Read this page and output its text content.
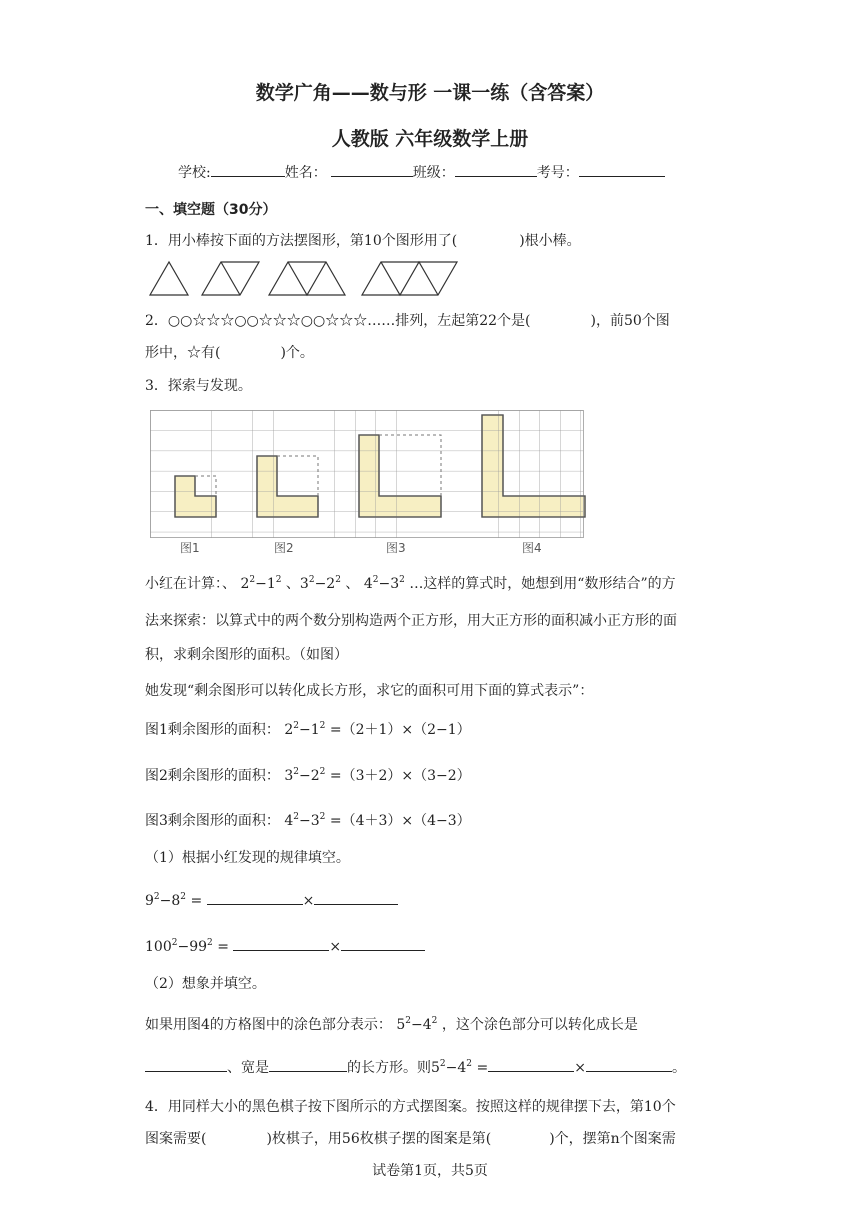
数学广角——数与形 一课一练（含答案）
人教版 六年级数学上册
学校:	姓名：	班级：	考号：
一、填空题（30分）
1．用小棒按下面的方法摆图形，第10个图形用了(	)根小棒。
2．○○☆☆☆○○☆☆☆○○☆☆☆……排列，左起第22个是(	)，前50个图
形中，☆有(	)个。
3．探索与发现。
图1	图2	图3	图4
小红在计算：、 $2^2-1^2$ 、$3^2-2^2$ 、 $4^2-3^2$ …这样的算式时，她想到用“数形结合”的方
法来探索：以算式中的两个数分别构造两个正方形，用大正方形的面积减小正方形的面
积，求剩余图形的面积。（如图）
她发现“剩余图形可以转化成长方形，求它的面积可用下面的算式表示”：
图1剩余图形的面积： $2^2-1^2 =(2+1)\times(2-1)$
图2剩余图形的面积： $3^2-2^2 =(3+2)\times(3-2)$
图3剩余图形的面积： $4^2-3^2 =(4+3)\times(4-3)$
（1）根据小红发现的规律填空。
$9^2-8^2$ =	×
$100^2-99^2$ =	×
（2）想象并填空。
如果用图4的方格图中的涂色部分表示： $5^2-4^2$ ，这个涂色部分可以转化成长是
、宽是	的长方形。则$5^2-4^2$ =	×	。
4．用同样大小的黑色棋子按下图所示的方式摆图案。按照这样的规律摆下去，第10个
图案需要(	)枚棋子，用56枚棋子摆的图案是第(	)个，摆第n个图案需
试卷第1页，共5页
